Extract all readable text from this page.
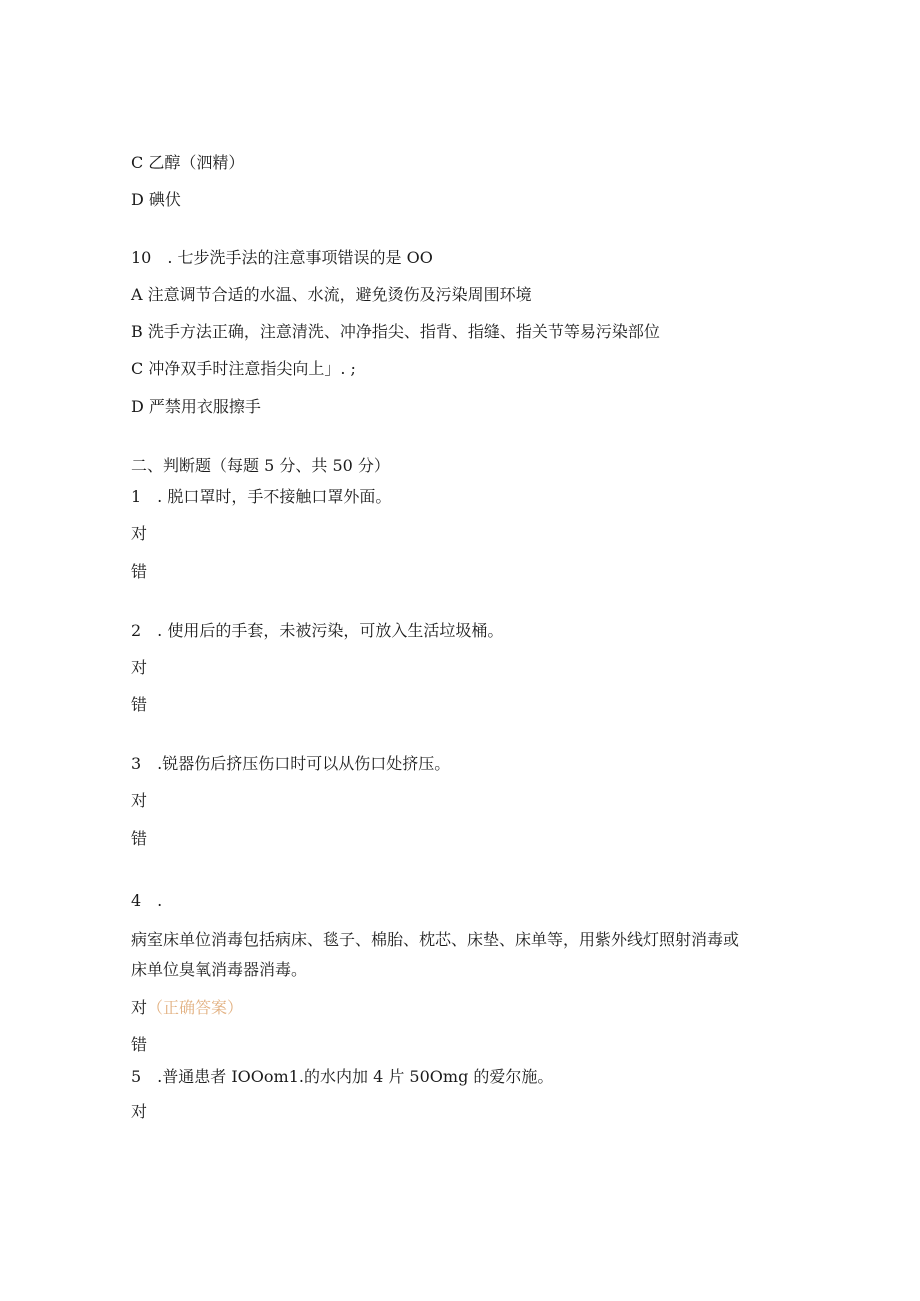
C 乙醇（泗精）

D 碘伏

10　. 七步洗手法的注意事项错误的是 OO

A 注意调节合适的水温、水流，避免烫伤及污染周围环境

B 洗手方法正确，注意清洗、冲净指尖、指背、指缝、指关节等易污染部位

C 冲净双手时注意指尖向上」. ;

D 严禁用衣服擦手

二、判断题（每题 5 分、共 50 分）

1　. 脱口罩时，手不接触口罩外面。

对

错

2　. 使用后的手套，未被污染，可放入生活垃圾桶。

对

错

3　.锐器伤后挤压伤口时可以从伤口处挤压。

对

错

4　.

病室床单位消毒包括病床、毯子、棉胎、枕芯、床垫、床单等，用紫外线灯照射消毒或

床单位臭氧消毒器消毒。

对（正确答案）

错

5　.普通患者 IOOom1.的水内加 4 片 50Omg 的爱尔施。

对
